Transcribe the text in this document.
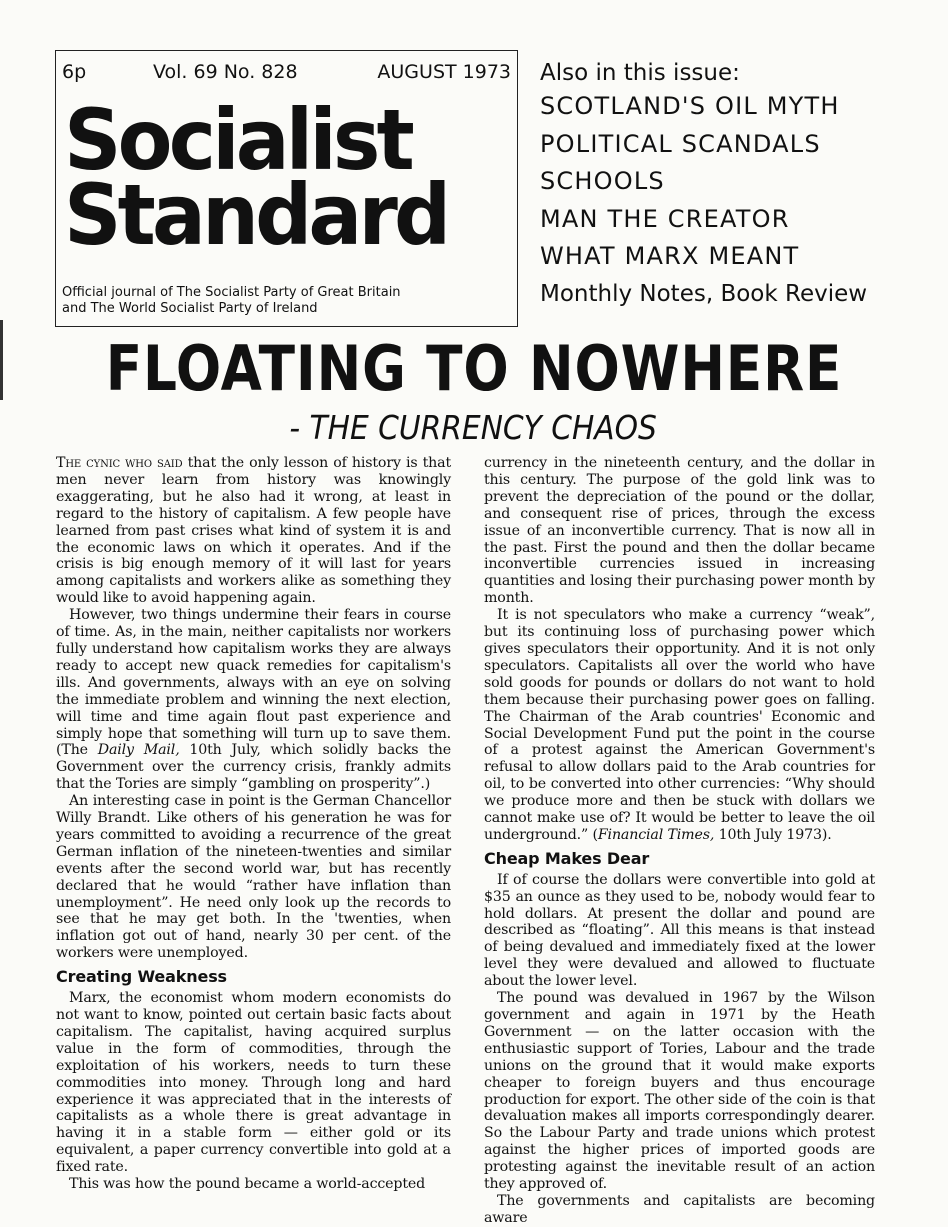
6p	Vol. 69 No. 828	AUGUST 1973
Socialist
Standard
Official journal of The Socialist Party of Great Britain
and The World Socialist Party of Ireland
Also in this issue:
SCOTLAND'S OIL MYTH
POLITICAL SCANDALS
SCHOOLS
MAN THE CREATOR
WHAT MARX MEANT
Monthly Notes, Book Review
FLOATING TO NOWHERE
- THE CURRENCY CHAOS

The cynic who said that the only lesson of history is that men never learn from history was knowingly exaggerating, but he also had it wrong, at least in regard to the history of capitalism. A few people have learned from past crises what kind of system it is and the economic laws on which it operates. And if the crisis is big enough memory of it will last for years among capitalists and workers alike as something they would like to avoid happening again.

However, two things undermine their fears in course of time. As, in the main, neither capitalists nor workers fully understand how capitalism works they are always ready to accept new quack remedies for capitalism's ills. And governments, always with an eye on solving the immediate problem and winning the next election, will time and time again flout past experience and simply hope that something will turn up to save them. (The Daily Mail, 10th July, which solidly backs the Government over the currency crisis, frankly admits that the Tories are simply “gambling on prosperity”.)

An interesting case in point is the German Chancellor Willy Brandt. Like others of his generation he was for years committed to avoiding a recurrence of the great German inflation of the nineteen-twenties and similar events after the second world war, but has recently declared that he would “rather have inflation than unemployment”. He need only look up the records to see that he may get both. In the 'twenties, when inflation got out of hand, nearly 30 per cent. of the workers were unemployed.

Creating Weakness

Marx, the economist whom modern economists do not want to know, pointed out certain basic facts about capitalism. The capitalist, having acquired surplus value in the form of commodities, through the exploitation of his workers, needs to turn these commodities into money. Through long and hard experience it was appreciated that in the interests of capitalists as a whole there is great advantage in having it in a stable form — either gold or its equivalent, a paper currency convertible into gold at a fixed rate.

This was how the pound became a world-accepted

currency in the nineteenth century, and the dollar in this century. The purpose of the gold link was to prevent the depreciation of the pound or the dollar, and consequent rise of prices, through the excess issue of an inconvertible currency. That is now all in the past. First the pound and then the dollar became inconvertible currencies issued in increasing quantities and losing their purchasing power month by month.

It is not speculators who make a currency “weak”, but its continuing loss of purchasing power which gives speculators their opportunity. And it is not only speculators. Capitalists all over the world who have sold goods for pounds or dollars do not want to hold them because their purchasing power goes on falling. The Chairman of the Arab countries' Economic and Social Development Fund put the point in the course of a protest against the American Government's refusal to allow dollars paid to the Arab countries for oil, to be converted into other currencies: “Why should we produce more and then be stuck with dollars we cannot make use of? It would be better to leave the oil underground.” (Financial Times, 10th July 1973).

Cheap Makes Dear

If of course the dollars were convertible into gold at $35 an ounce as they used to be, nobody would fear to hold dollars. At present the dollar and pound are described as “floating”. All this means is that instead of being devalued and immediately fixed at the lower level they were devalued and allowed to fluctuate about the lower level.

The pound was devalued in 1967 by the Wilson government and again in 1971 by the Heath Government — on the latter occasion with the enthusiastic support of Tories, Labour and the trade unions on the ground that it would make exports cheaper to foreign buyers and thus encourage production for export. The other side of the coin is that devaluation makes all imports correspondingly dearer. So the Labour Party and trade unions which protest against the higher prices of imported goods are protesting against the inevitable result of an action they approved of.

The governments and capitalists are becoming aware
